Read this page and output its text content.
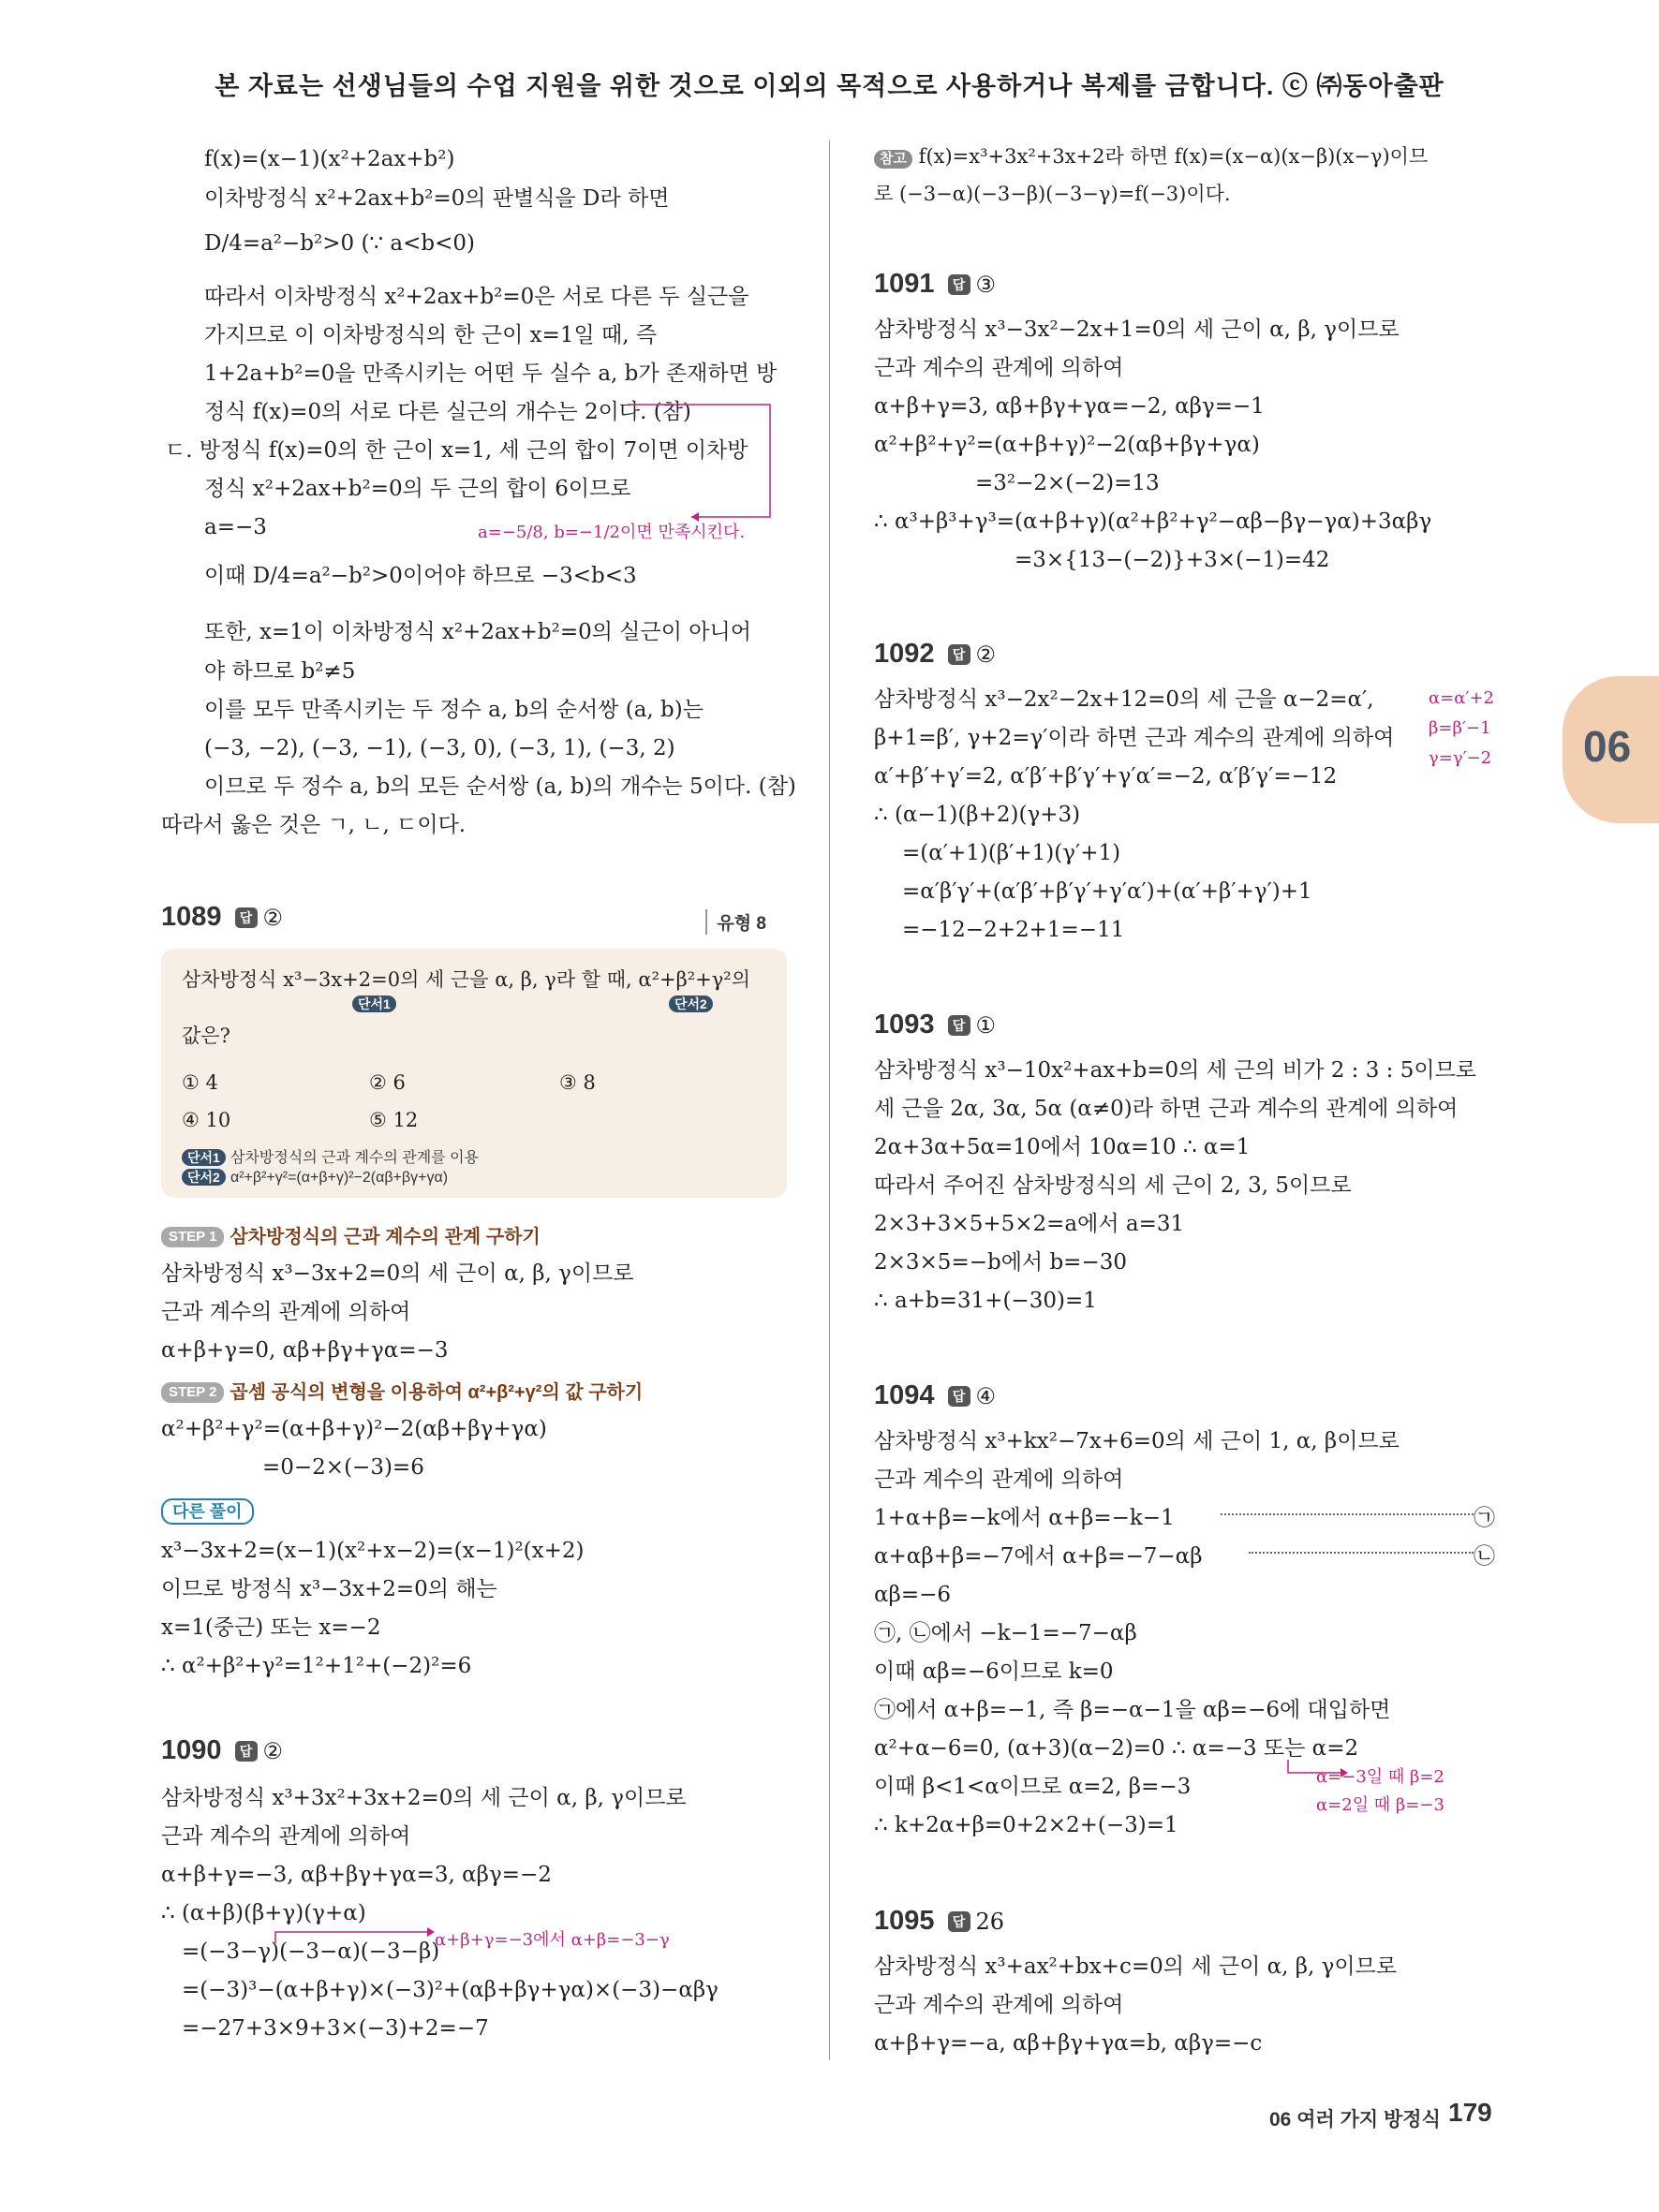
본 자료는 선생님들의 수업 지원을 위한 것으로 이외의 목적으로 사용하거나 복제를 금합니다. ⓒ ㈜동아출판
f(x)=(x−1)(x²+2ax+b²)
이차방정식 x²+2ax+b²=0의 판별식을 D라 하면
D/4=a²−b²>0 (∵ a<b<0)
따라서 이차방정식 x²+2ax+b²=0은 서로 다른 두 실근을
가지므로 이 이차방정식의 한 근이 x=1일 때, 즉
1+2a+b²=0을 만족시키는 어떤 두 실수 a, b가 존재하면 방
정식 f(x)=0의 서로 다른 실근의 개수는 2이다. (참)
ㄷ. 방정식 f(x)=0의 한 근이 x=1, 세 근의 합이 7이면 이차방
정식 x²+2ax+b²=0의 두 근의 합이 6이므로
a=−3	a=−5/8, b=−1/2이면 만족시킨다.
이때 D/4=a²−b²>0이어야 하므로 −3<b<3
또한, x=1이 이차방정식 x²+2ax+b²=0의 실근이 아니어
야 하므로 b²≠5
이를 모두 만족시키는 두 정수 a, b의 순서쌍 (a, b)는
(−3, −2), (−3, −1), (−3, 0), (−3, 1), (−3, 2)
이므로 두 정수 a, b의 모든 순서쌍 (a, b)의 개수는 5이다. (참)
따라서 옳은 것은 ㄱ, ㄴ, ㄷ이다.
1089 답 ②	유형 8
삼차방정식 x³−3x+2=0의 세 근을 α, β, γ라 할 때, α²+β²+γ²의
단서1	단서2
값은?
① 4	② 6	③ 8
④ 10	⑤ 12
단서1 삼차방정식의 근과 계수의 관계를 이용
단서2 α²+β²+γ²=(α+β+γ)²−2(αβ+βγ+γα)
STEP 1 삼차방정식의 근과 계수의 관계 구하기
삼차방정식 x³−3x+2=0의 세 근이 α, β, γ이므로
근과 계수의 관계에 의하여
α+β+γ=0, αβ+βγ+γα=−3
STEP 2 곱셈 공식의 변형을 이용하여 α²+β²+γ²의 값 구하기
α²+β²+γ²=(α+β+γ)²−2(αβ+βγ+γα)
=0−2×(−3)=6
다른 풀이
x³−3x+2=(x−1)(x²+x−2)=(x−1)²(x+2)
이므로 방정식 x³−3x+2=0의 해는
x=1(중근) 또는 x=−2
∴ α²+β²+γ²=1²+1²+(−2)²=6
1090 답 ②
삼차방정식 x³+3x²+3x+2=0의 세 근이 α, β, γ이므로
근과 계수의 관계에 의하여
α+β+γ=−3, αβ+βγ+γα=3, αβγ=−2
∴ (α+β)(β+γ)(γ+α)
α+β+γ=−3에서 α+β=−3−γ
=(−3−γ)(−3−α)(−3−β)
=(−3)³−(α+β+γ)×(−3)²+(αβ+βγ+γα)×(−3)−αβγ
=−27+3×9+3×(−3)+2=−7
참고 f(x)=x³+3x²+3x+2라 하면 f(x)=(x−α)(x−β)(x−γ)이므
로 (−3−α)(−3−β)(−3−γ)=f(−3)이다.
1091 답 ③
삼차방정식 x³−3x²−2x+1=0의 세 근이 α, β, γ이므로
근과 계수의 관계에 의하여
α+β+γ=3, αβ+βγ+γα=−2, αβγ=−1
α²+β²+γ²=(α+β+γ)²−2(αβ+βγ+γα)
=3²−2×(−2)=13
∴ α³+β³+γ³=(α+β+γ)(α²+β²+γ²−αβ−βγ−γα)+3αβγ
=3×{13−(−2)}+3×(−1)=42
1092 답 ②
삼차방정식 x³−2x²−2x+12=0의 세 근을 α−2=α′,
β+1=β′, γ+2=γ′이라 하면 근과 계수의 관계에 의하여
α=α′+2
β=β′−1
γ=γ′−2
α′+β′+γ′=2, α′β′+β′γ′+γ′α′=−2, α′β′γ′=−12
∴ (α−1)(β+2)(γ+3)
=(α′+1)(β′+1)(γ′+1)
=α′β′γ′+(α′β′+β′γ′+γ′α′)+(α′+β′+γ′)+1
=−12−2+2+1=−11
1093 답 ①
삼차방정식 x³−10x²+ax+b=0의 세 근의 비가 2 : 3 : 5이므로
세 근을 2α, 3α, 5α (α≠0)라 하면 근과 계수의 관계에 의하여
2α+3α+5α=10에서 10α=10 ∴ α=1
따라서 주어진 삼차방정식의 세 근이 2, 3, 5이므로
2×3+3×5+5×2=a에서 a=31
2×3×5=−b에서 b=−30
∴ a+b=31+(−30)=1
1094 답 ④
삼차방정식 x³+kx²−7x+6=0의 세 근이 1, α, β이므로
근과 계수의 관계에 의하여
1+α+β=−k에서 α+β=−k−1	㉠
α+αβ+β=−7에서 α+β=−7−αβ	㉡
αβ=−6
㉠, ㉡에서 −k−1=−7−αβ
이때 αβ=−6이므로 k=0
㉠에서 α+β=−1, 즉 β=−α−1을 αβ=−6에 대입하면
α²+α−6=0, (α+3)(α−2)=0 ∴ α=−3 또는 α=2
α=−3일 때 β=2
α=2일 때 β=−3
이때 β<1<α이므로 α=2, β=−3
∴ k+2α+β=0+2×2+(−3)=1
1095 답 26
삼차방정식 x³+ax²+bx+c=0의 세 근이 α, β, γ이므로
근과 계수의 관계에 의하여
α+β+γ=−a, αβ+βγ+γα=b, αβγ=−c
06
06 여러 가지 방정식 179
